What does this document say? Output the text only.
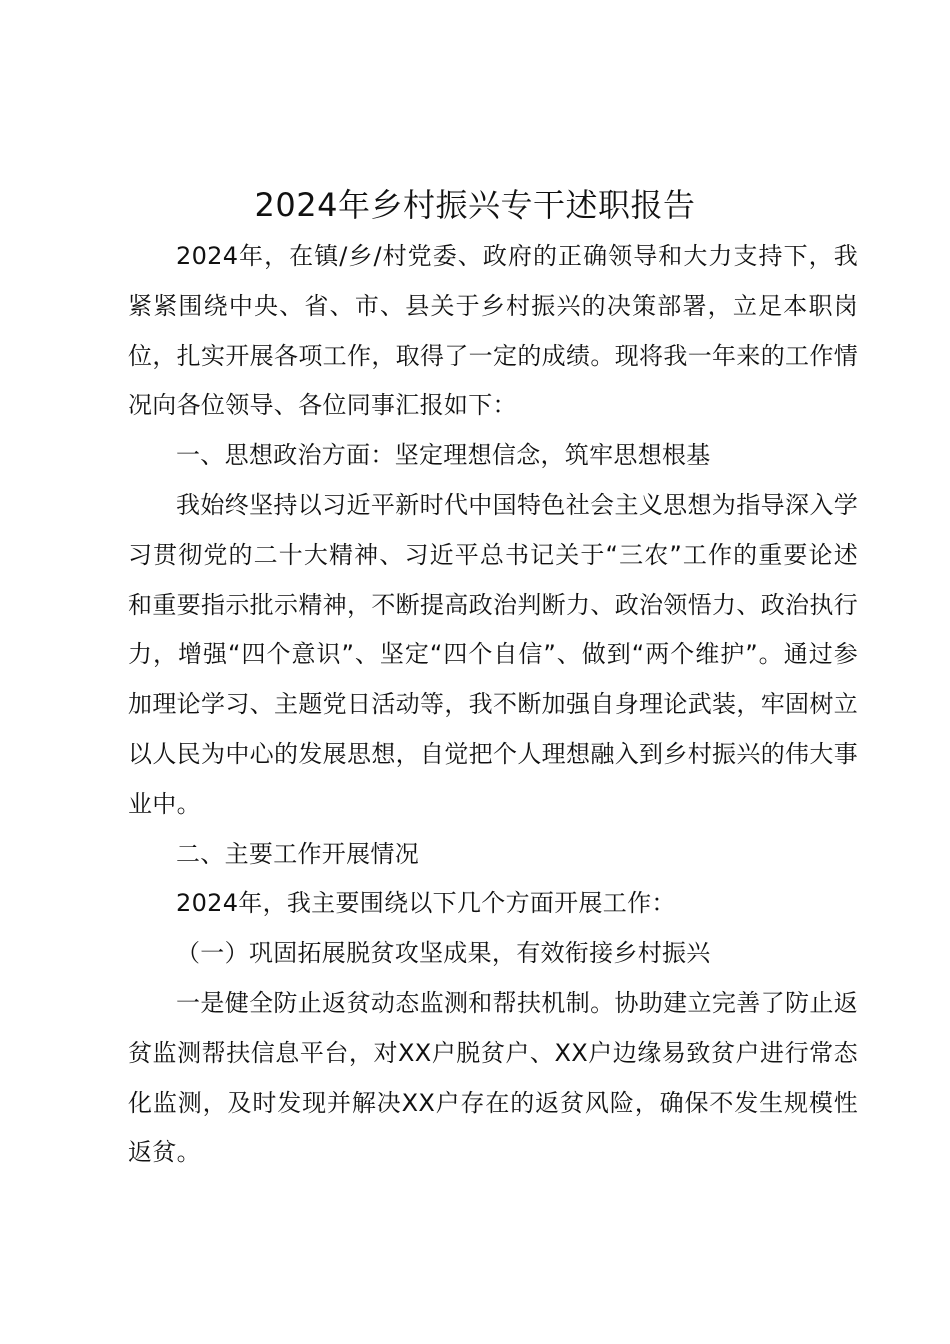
2024年乡村振兴专干述职报告

2024年，在镇/乡/村党委、政府的正确领导和大力支持下，我紧紧围绕中央、省、市、县关于乡村振兴的决策部署，立足本职岗位，扎实开展各项工作，取得了一定的成绩。现将我一年来的工作情况向各位领导、各位同事汇报如下：

一、思想政治方面：坚定理想信念，筑牢思想根基

我始终坚持以习近平新时代中国特色社会主义思想为指导深入学习贯彻党的二十大精神、习近平总书记关于“三农”工作的重要论述和重要指示批示精神，不断提高政治判断力、政治领悟力、政治执行力，增强“四个意识”、坚定“四个自信”、做到“两个维护”。通过参加理论学习、主题党日活动等，我不断加强自身理论武装，牢固树立以人民为中心的发展思想，自觉把个人理想融入到乡村振兴的伟大事业中。

二、主要工作开展情况

2024年，我主要围绕以下几个方面开展工作：

（一）巩固拓展脱贫攻坚成果，有效衔接乡村振兴

一是健全防止返贫动态监测和帮扶机制。协助建立完善了防止返贫监测帮扶信息平台，对XX户脱贫户、XX户边缘易致贫户进行常态化监测，及时发现并解决XX户存在的返贫风险，确保不发生规模性返贫。
